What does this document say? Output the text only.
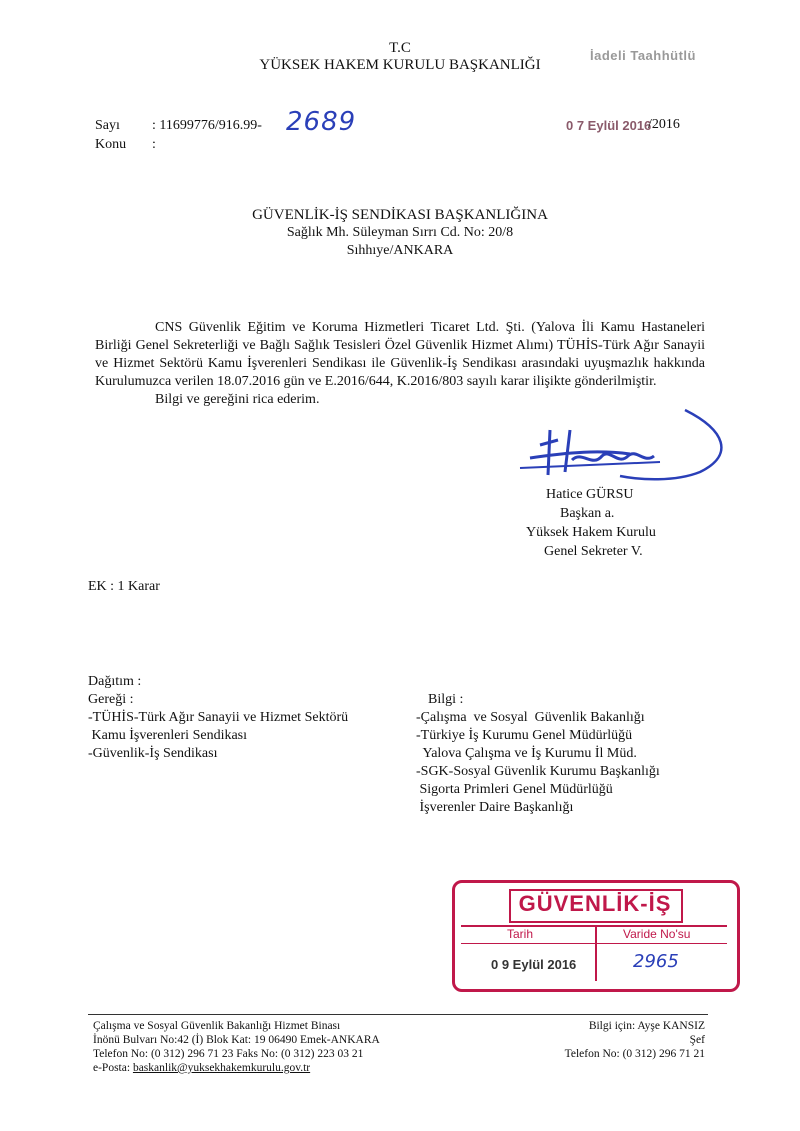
T.C
YÜKSEK HAKEM KURULU BAŞKANLIĞI
İadeli Taahhütlü
Sayı : 11699776/916.99- 2689
Konu :
0 7 Eylül 2016
/2016
GÜVENLİK-İŞ SENDİKASI BAŞKANLIĞINA
Sağlık Mh. Süleyman Sırrı Cd. No: 20/8
Sıhhıye/ANKARA
CNS Güvenlik Eğitim ve Koruma Hizmetleri Ticaret Ltd. Şti. (Yalova İli Kamu Hastaneleri Birliği Genel Sekreterliği ve Bağlı Sağlık Tesisleri Özel Güvenlik Hizmet Alımı) TÜHİS-Türk Ağır Sanayii ve Hizmet Sektörü Kamu İşverenleri Sendikası ile Güvenlik-İş Sendikası arasındaki uyuşmazlık hakkında Kurulumuzca verilen 18.07.2016 gün ve E.2016/644, K.2016/803 sayılı karar ilişikte gönderilmiştir.
Bilgi ve gereğini rica ederim.
Hatice GÜRSU
Başkan a.
Yüksek Hakem Kurulu
Genel Sekreter V.
EK : 1 Karar
Dağıtım :
Gereği :
-TÜHİS-Türk Ağır Sanayii ve Hizmet Sektörü
Kamu İşverenleri Sendikası
-Güvenlik-İş Sendikası
Bilgi :
-Çalışma  ve Sosyal  Güvenlik Bakanlığı
-Türkiye İş Kurumu Genel Müdürlüğü
Yalova Çalışma ve İş Kurumu İl Müd.
-SGK-Sosyal Güvenlik Kurumu Başkanlığı
Sigorta Primleri Genel Müdürlüğü
İşverenler Daire Başkanlığı
GÜVENLİK-İŞ
Tarih	Varide No'su
0 9 Eylül 2016	2965
Çalışma ve Sosyal Güvenlik Bakanlığı Hizmet Binası
İnönü Bulvarı No:42 (İ) Blok Kat: 19 06490 Emek-ANKARA
Telefon No: (0 312) 296 71 23 Faks No: (0 312) 223 03 21
e-Posta: baskanlik@yuksekhakemkurulu.gov.tr
Bilgi için: Ayşe KANSIZ
Şef
Telefon No: (0 312) 296 71 21
